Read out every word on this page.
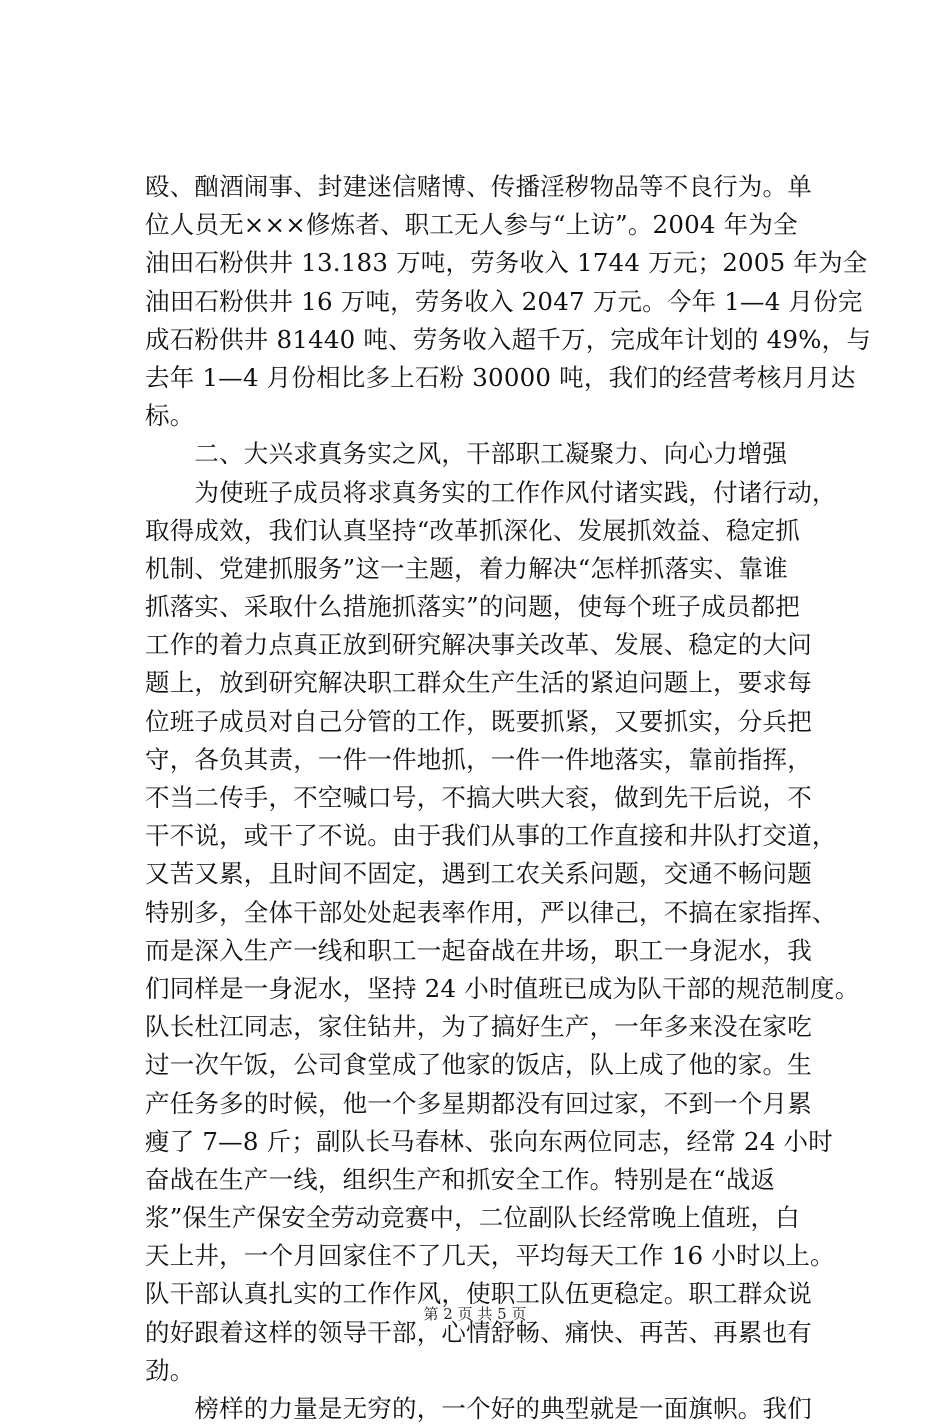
殴、酗酒闹事、封建迷信赌博、传播淫秽物品等不良行为。单
位人员无×××修炼者、职工无人参与“上访”。2004 年为全
油田石粉供井 13.183 万吨，劳务收入 1744 万元；2005 年为全
油田石粉供井 16 万吨，劳务收入 2047 万元。今年 1—4 月份完
成石粉供井 81440 吨、劳务收入超千万，完成年计划的 49%，与
去年 1—4 月份相比多上石粉 30000 吨，我们的经营考核月月达
标。
　　二、大兴求真务实之风，干部职工凝聚力、向心力增强
　　为使班子成员将求真务实的工作作风付诸实践，付诸行动，
取得成效，我们认真坚持“改革抓深化、发展抓效益、稳定抓
机制、党建抓服务”这一主题，着力解决“怎样抓落实、靠谁
抓落实、采取什么措施抓落实”的问题，使每个班子成员都把
工作的着力点真正放到研究解决事关改革、发展、稳定的大问
题上，放到研究解决职工群众生产生活的紧迫问题上，要求每
位班子成员对自己分管的工作，既要抓紧，又要抓实，分兵把
守，各负其责，一件一件地抓，一件一件地落实，靠前指挥，
不当二传手，不空喊口号，不搞大哄大衮，做到先干后说，不
干不说，或干了不说。由于我们从事的工作直接和井队打交道，
又苦又累，且时间不固定，遇到工农关系问题，交通不畅问题
特别多，全体干部处处起表率作用，严以律己，不搞在家指挥、
而是深入生产一线和职工一起奋战在井场，职工一身泥水，我
们同样是一身泥水，坚持 24 小时值班已成为队干部的规范制度。
队长杜江同志，家住钻井，为了搞好生产，一年多来没在家吃
过一次午饭，公司食堂成了他家的饭店，队上成了他的家。生
产任务多的时候，他一个多星期都没有回过家，不到一个月累
瘦了 7—8 斤；副队长马春林、张向东两位同志，经常 24 小时
奋战在生产一线，组织生产和抓安全工作。特别是在“战返
浆”保生产保安全劳动竞赛中，二位副队长经常晚上值班，白
天上井，一个月回家住不了几天，平均每天工作 16 小时以上。
队干部认真扎实的工作作风，使职工队伍更稳定。职工群众说
的好跟着这样的领导干部，心情舒畅、痛快、再苦、再累也有
劲。
　　榜样的力量是无穷的，一个好的典型就是一面旗帜。我们
第 2 页 共 5 页
